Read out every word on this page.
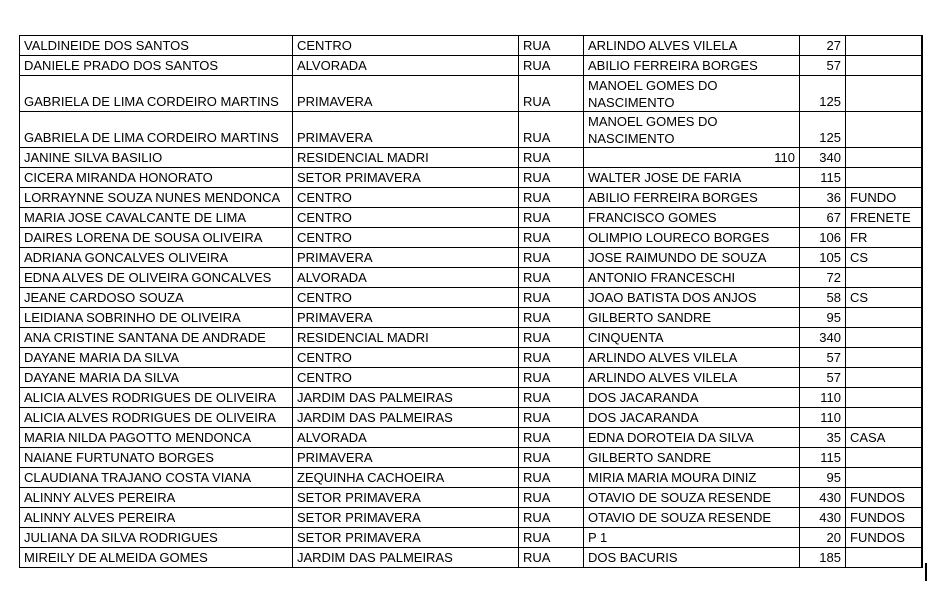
VALDINEIDE DOS SANTOS	CENTRO	RUA	ARLINDO ALVES VILELA	27	
DANIELE PRADO DOS SANTOS	ALVORADA	RUA	ABILIO FERREIRA BORGES	57	
GABRIELA DE LIMA CORDEIRO MARTINS	PRIMAVERA	RUA	MANOEL GOMES DO NASCIMENTO	125	
GABRIELA DE LIMA CORDEIRO MARTINS	PRIMAVERA	RUA	MANOEL GOMES DO NASCIMENTO	125	
JANINE SILVA BASILIO	RESIDENCIAL MADRI	RUA	110	340	
CICERA MIRANDA HONORATO	SETOR PRIMAVERA	RUA	WALTER JOSE DE FARIA	115	
LORRAYNNE SOUZA NUNES MENDONCA	CENTRO	RUA	ABILIO FERREIRA BORGES	36	FUNDO
MARIA JOSE CAVALCANTE DE LIMA	CENTRO	RUA	FRANCISCO GOMES	67	FRENETE
DAIRES LORENA DE SOUSA OLIVEIRA	CENTRO	RUA	OLIMPIO LOURECO BORGES	106	FR
ADRIANA GONCALVES OLIVEIRA	PRIMAVERA	RUA	JOSE RAIMUNDO DE SOUZA	105	CS
EDNA ALVES DE OLIVEIRA GONCALVES	ALVORADA	RUA	ANTONIO FRANCESCHI	72	
JEANE CARDOSO SOUZA	CENTRO	RUA	JOAO BATISTA DOS ANJOS	58	CS
LEIDIANA SOBRINHO DE OLIVEIRA	PRIMAVERA	RUA	GILBERTO SANDRE	95	
ANA CRISTINE SANTANA DE ANDRADE	RESIDENCIAL MADRI	RUA	CINQUENTA	340	
DAYANE MARIA DA SILVA	CENTRO	RUA	ARLINDO ALVES VILELA	57	
DAYANE MARIA DA SILVA	CENTRO	RUA	ARLINDO ALVES VILELA	57	
ALICIA ALVES RODRIGUES DE OLIVEIRA	JARDIM DAS PALMEIRAS	RUA	DOS JACARANDA	110	
ALICIA ALVES RODRIGUES DE OLIVEIRA	JARDIM DAS PALMEIRAS	RUA	DOS JACARANDA	110	
MARIA NILDA PAGOTTO MENDONCA	ALVORADA	RUA	EDNA DOROTEIA DA SILVA	35	CASA
NAIANE FURTUNATO BORGES	PRIMAVERA	RUA	GILBERTO SANDRE	115	
CLAUDIANA TRAJANO COSTA VIANA	ZEQUINHA CACHOEIRA	RUA	MIRIA MARIA MOURA DINIZ	95	
ALINNY ALVES PEREIRA	SETOR PRIMAVERA	RUA	OTAVIO DE SOUZA RESENDE	430	FUNDOS
ALINNY ALVES PEREIRA	SETOR PRIMAVERA	RUA	OTAVIO DE SOUZA RESENDE	430	FUNDOS
JULIANA DA SILVA RODRIGUES	SETOR PRIMAVERA	RUA	P 1	20	FUNDOS
MIREILY DE ALMEIDA GOMES	JARDIM DAS PALMEIRAS	RUA	DOS BACURIS	185	
